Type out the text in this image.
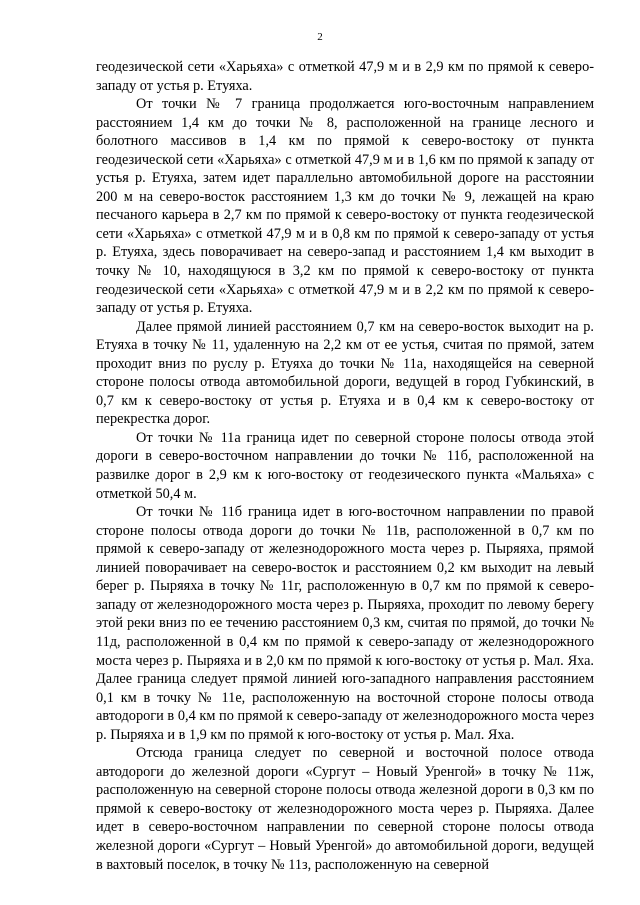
2

геодезической сети «Харьяха» с отметкой 47,9 м и в 2,9 км по прямой к северо-западу от устья р. Етуяха.

От точки № 7 граница продолжается юго-восточным направлением расстоянием 1,4 км до точки № 8, расположенной на границе лесного и болотного массивов в 1,4 км по прямой к северо-востоку от пункта геодезической сети «Харьяха» с отметкой 47,9 м и в 1,6 км по прямой к западу от устья р. Етуяха, затем идет параллельно автомобильной дороге на расстоянии 200 м на северо-восток расстоянием 1,3 км до точки № 9, лежащей на краю песчаного карьера в 2,7 км по прямой к северо-востоку от пункта геодезической сети «Харьяха» с отметкой 47,9 м и в 0,8 км по прямой к северо-западу от устья р. Етуяха, здесь поворачивает на северо-запад и расстоянием 1,4 км выходит в точку № 10, находящуюся в 3,2 км по прямой к северо-востоку от пункта геодезической сети «Харьяха» с отметкой 47,9 м и в 2,2 км по прямой к северо-западу от устья р. Етуяха.

Далее прямой линией расстоянием 0,7 км на северо-восток выходит на р. Етуяха в точку № 11, удаленную на 2,2 км от ее устья, считая по прямой, затем проходит вниз по руслу р. Етуяха до точки № 11а, находящейся на северной стороне полосы отвода автомобильной дороги, ведущей в город Губкинский, в 0,7 км к северо-востоку от устья р. Етуяха и в 0,4 км к северо-востоку от перекрестка дорог.

От точки № 11а граница идет по северной стороне полосы отвода этой дороги в северо-восточном направлении до точки № 11б, расположенной на развилке дорог в 2,9 км к юго-востоку от геодезического пункта «Мальяха» с отметкой 50,4 м.

От точки № 11б граница идет в юго-восточном направлении по правой стороне полосы отвода дороги до точки № 11в, расположенной в 0,7 км по прямой к северо-западу от железнодорожного моста через р. Пыряяха, прямой линией поворачивает на северо-восток и расстоянием 0,2 км выходит на левый берег р. Пыряяха в точку № 11г, расположенную в 0,7 км по прямой к северо-западу от железнодорожного моста через р. Пыряяха, проходит по левому берегу этой реки вниз по ее течению расстоянием 0,3 км, считая по прямой, до точки № 11д, расположенной в 0,4 км по прямой к северо-западу от железнодорожного моста через р. Пыряяха и в 2,0 км по прямой к юго-востоку от устья р. Мал. Яха. Далее граница следует прямой линией юго-западного направления расстоянием 0,1 км в точку № 11е, расположенную на восточной стороне полосы отвода автодороги в 0,4 км по прямой к северо-западу от железнодорожного моста через р. Пыряяха и в 1,9 км по прямой к юго-востоку от устья р. Мал. Яха.

Отсюда граница следует по северной и восточной полосе отвода автодороги до железной дороги «Сургут – Новый Уренгой» в точку № 11ж, расположенную на северной стороне полосы отвода железной дороги в 0,3 км по прямой к северо-востоку от железнодорожного моста через р. Пыряяха. Далее идет в северо-восточном направлении по северной стороне полосы отвода железной дороги «Сургут – Новый Уренгой» до автомобильной дороги, ведущей в вахтовый поселок, в точку № 11з, расположенную на северной
